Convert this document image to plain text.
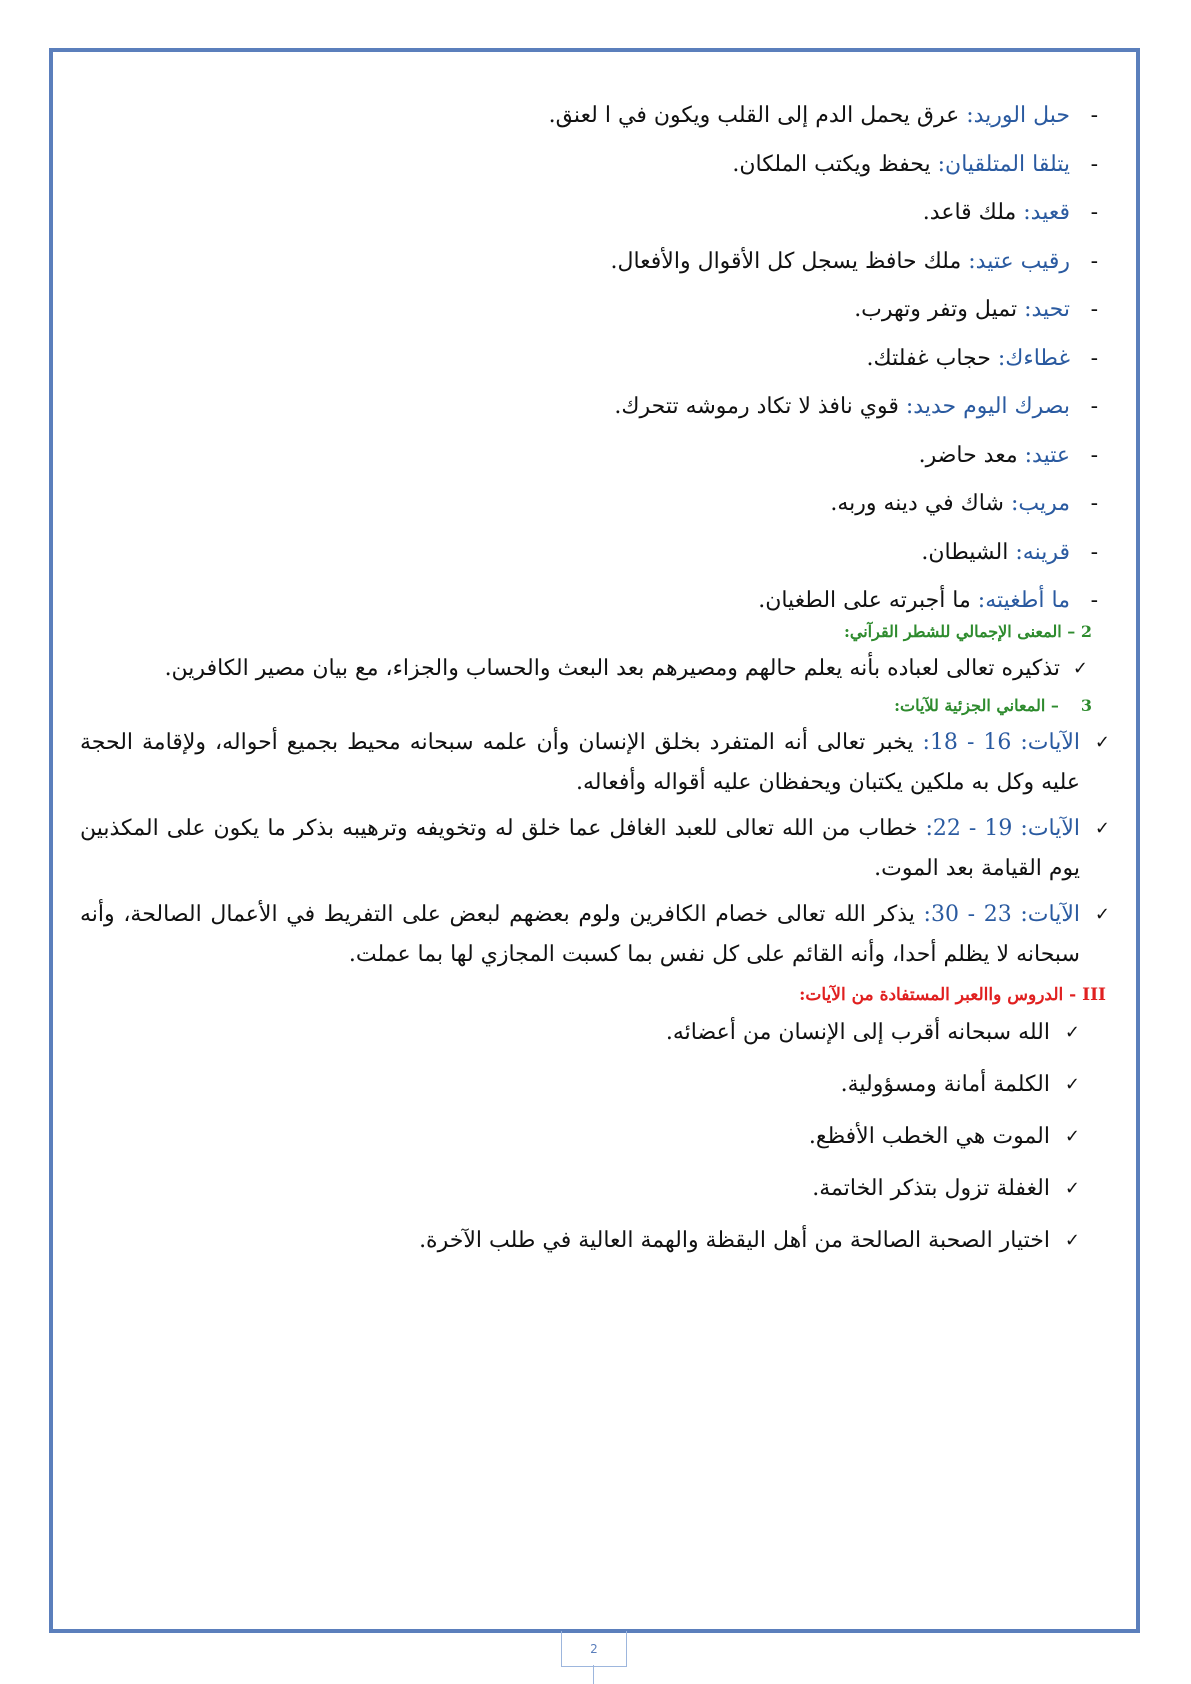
-
حبل الوريد: عرق يحمل الدم إلى القلب ويكون في ا لعنق.
-
يتلقا المتلقيان: يحفظ ويكتب الملكان.
-
قعيد: ملك قاعد.
-
رقيب عتيد: ملك حافظ يسجل كل الأقوال والأفعال.
-
تحيد: تميل وتفر وتهرب.
-
غطاءك: حجاب غفلتك.
-
بصرك اليوم حديد: قوي نافذ لا تكاد رموشه تتحرك.
-
عتيد: معد حاضر.
-
مريب: شاك في دينه وربه.
-
قرينه: الشيطان.
-
ما أطغيته: ما أجبرته على الطغيان.
2 – المعنى الإجمالي للشطر القرآني:
✓
تذكيره تعالى لعباده بأنه يعلم حالهم ومصيرهم بعد البعث والحساب والجزاء، مع بيان مصير الكافرين.
3– المعاني الجزئية للآيات:
✓
الآيات: 16 - 18: يخبر تعالى أنه المتفرد بخلق الإنسان وأن علمه سبحانه محيط بجميع أحواله، ولإقامة الحجة عليه وكل به ملكين يكتبان ويحفظان عليه أقواله وأفعاله.
✓
الآيات: 19 - 22: خطاب من الله تعالى للعبد الغافل عما خلق له وتخويفه وترهيبه بذكر ما يكون على المكذبين يوم القيامة بعد الموت.
✓
الآيات: 23 - 30: يذكر الله تعالى خصام الكافرين ولوم بعضهم لبعض على التفريط في الأعمال الصالحة، وأنه سبحانه لا يظلم أحدا، وأنه القائم على كل نفس بما كسبت المجازي لها بما عملت.
III - الدروس واالعبر المستفادة من الآيات:
✓
الله سبحانه أقرب إلى الإنسان من أعضائه.
✓
الكلمة أمانة ومسؤولية.
✓
الموت هي الخطب الأفظع.
✓
الغفلة تزول بتذكر الخاتمة.
✓
اختيار الصحبة الصالحة من أهل اليقظة والهمة العالية في طلب الآخرة.
2
